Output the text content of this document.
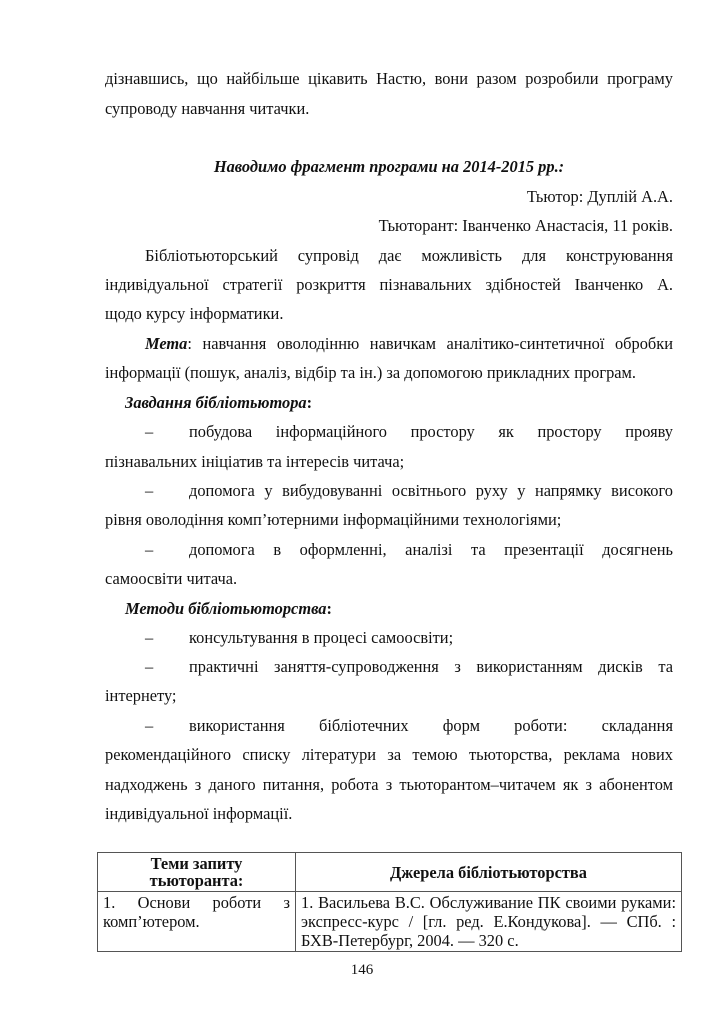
дізнавшись, що найбільше цікавить Настю, вони разом розробили програму
супроводу навчання читачки.
Наводимо фрагмент програми на 2014-2015 рр.:
Тьютор: Дуплій А.А.
Тьюторант: Іванченко Анастасія, 11 років.
Бібліотьюторський супровід дає можливість для конструювання
індивідуальної стратегії розкриття пізнавальних здібностей Іванченко А.
щодо курсу інформатики.
Мета: навчання оволодінню навичкам аналітико-синтетичної обробки
інформації (пошук, аналіз, відбір та ін.) за допомогою прикладних програм.
Завдання бібліотьютора:
– побудова інформаційного простору як простору прояву
пізнавальних ініціатив та інтересів читача;
– допомога у вибудовуванні освітнього руху у напрямку високого
рівня оволодіння комп’ютерними інформаційними технологіями;
– допомога в оформленні, аналізі та презентації досягнень
самоосвіти читача.
Методи бібліотьюторства:
– консультування в процесі самоосвіти;
– практичні заняття-супроводження з використанням дисків та
інтернету;
– використання бібліотечних форм роботи: складання
рекомендаційного списку літератури за темою тьюторства, реклама нових
надходжень з даного питання, робота з тьюторантом–читачем як з абонентом
індивідуальної інформації.
Теми запиту тьюторанта:	Джерела бібліотьюторства
1. Основи роботи з комп’ютером.	1. Васильева В.С. Обслуживание ПК своими руками: экспресс-курс / [гл. ред. Е.Кондукова]. — СПб. : БХВ-Петербург, 2004. — 320 с.
146
